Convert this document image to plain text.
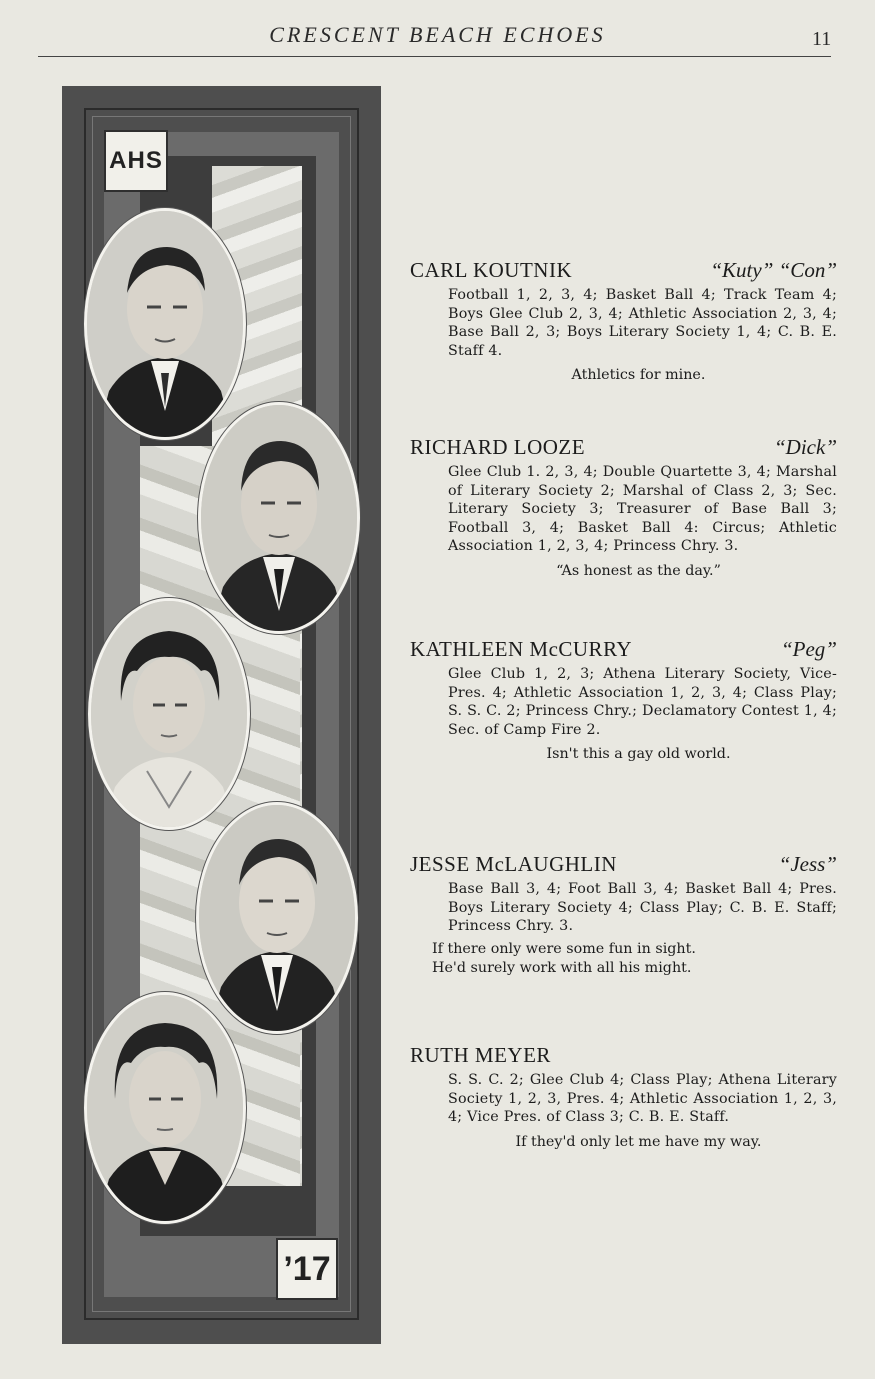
CRESCENT BEACH ECHOES	11
AHS
’17
CARL KOUTNIK	“Kuty” “Con”
Football 1, 2, 3, 4; Basket Ball 4; Track Team 4; Boys Glee Club 2, 3, 4; Athletic Association 2, 3, 4; Base Ball 2, 3; Boys Literary Society 1, 4; C. B. E. Staff 4.
Athletics for mine.
RICHARD LOOZE	“Dick”
Glee Club 1. 2, 3, 4; Double Quartette 3, 4; Marshal of Literary Society 2; Marshal of Class 2, 3; Sec. Literary Society 3; Treasurer of Base Ball 3; Football 3, 4; Basket Ball 4: Circus; Athletic Association 1, 2, 3, 4; Princess Chry. 3.
“As honest as the day.”
KATHLEEN McCURRY	“Peg”
Glee Club 1, 2, 3; Athena Literary Society, Vice-Pres. 4; Athletic Association 1, 2, 3, 4; Class Play; S. S. C. 2; Princess Chry.; Declamatory Contest 1, 4; Sec. of Camp Fire 2.
Isn't this a gay old world.
JESSE McLAUGHLIN	“Jess”
Base Ball 3, 4; Foot Ball 3, 4; Basket Ball 4; Pres. Boys Literary Society 4; Class Play; C. B. E. Staff; Princess Chry. 3.
If there only were some fun in sight.
He'd surely work with all his might.
RUTH MEYER
S. S. C. 2; Glee Club 4; Class Play; Athena Literary Society 1, 2, 3, Pres. 4; Athletic Association 1, 2, 3, 4; Vice Pres. of Class 3; C. B. E. Staff.
If they'd only let me have my way.
